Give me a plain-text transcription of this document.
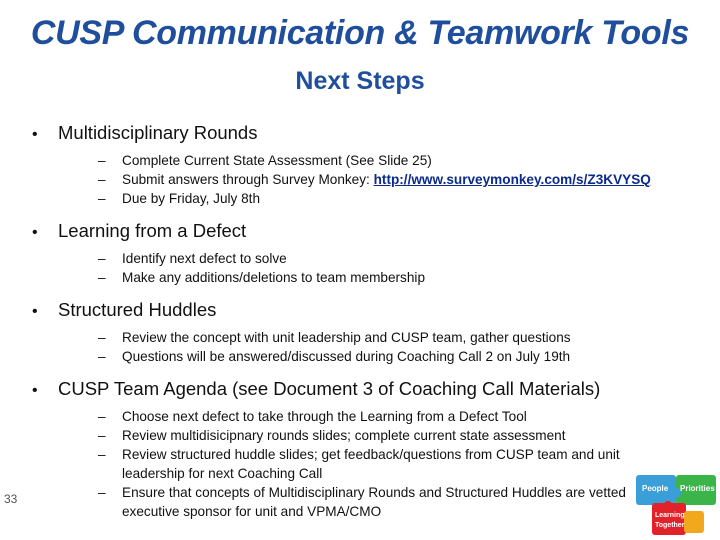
CUSP Communication & Teamwork Tools
Next Steps
•	Multidisciplinary Rounds
–	Complete Current State Assessment (See Slide 25)
–	Submit answers through Survey Monkey: http://www.surveymonkey.com/s/Z3KVYSQ
–	Due by Friday, July 8th
•	Learning from a Defect
–	Identify next defect to solve
–	Make any additions/deletions to team membership
•	Structured Huddles
–	Review the concept with unit leadership and CUSP team, gather questions
–	Questions will be answered/discussed during Coaching Call 2 on July 19th
•	CUSP Team Agenda (see Document 3 of Coaching Call Materials)
–	Choose next defect to take through the Learning from a Defect Tool
–	Review multidisicipnary rounds slides; complete current state assessment
–	Review structured huddle slides; get feedback/questions from CUSP team and unit leadership for next Coaching Call
–	Ensure that concepts of Multidisciplinary Rounds and Structured Huddles are vetted executive sponsor for unit and VPMA/CMO
33
People Priorities
Learning
Together
